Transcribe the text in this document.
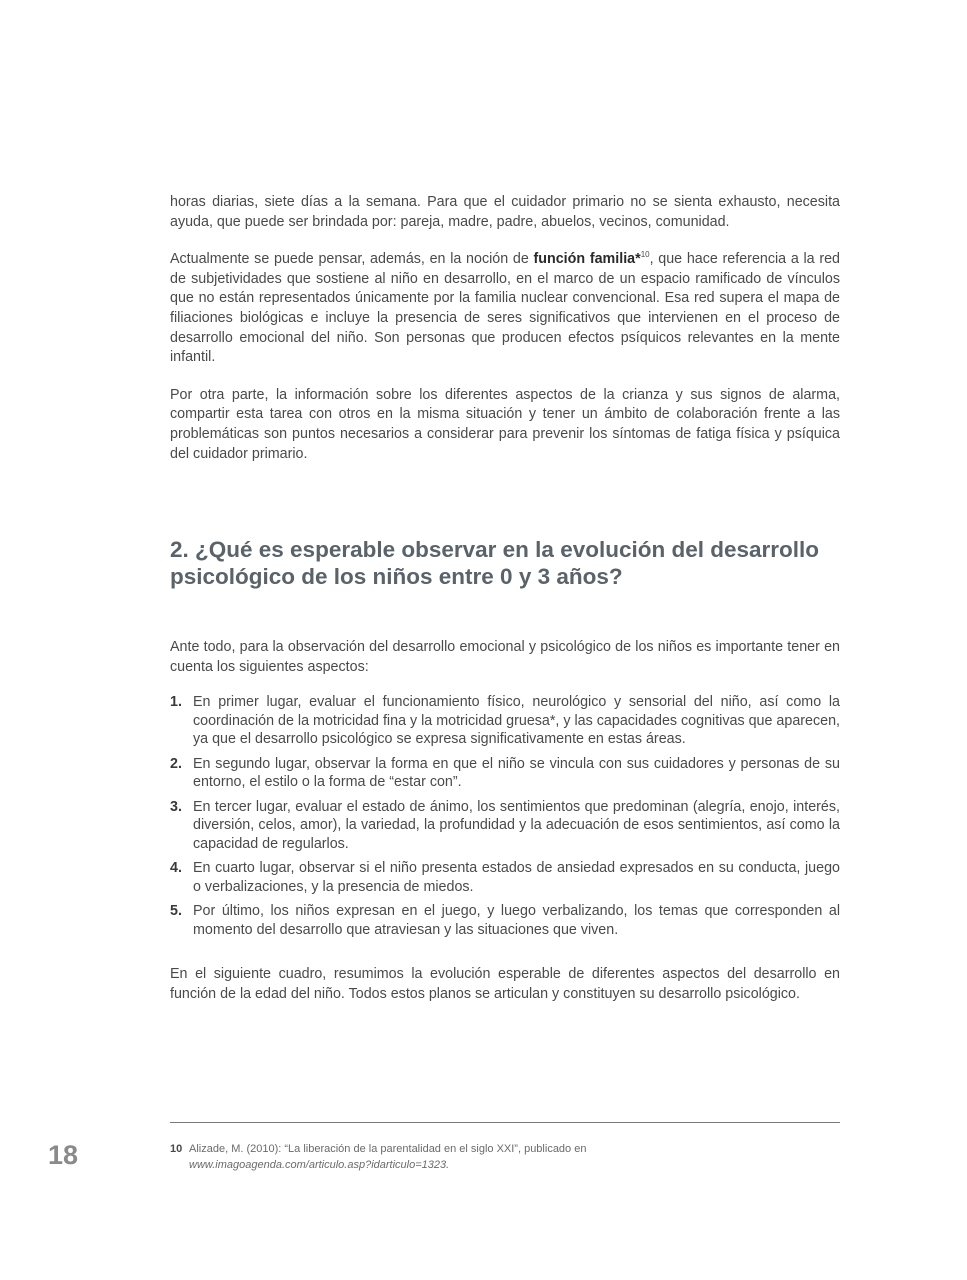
horas diarias, siete días a la semana. Para que el cuidador primario no se sienta exhausto, necesita ayuda, que puede ser brindada por: pareja, madre, padre, abuelos, vecinos, comunidad.

Actualmente se puede pensar, además, en la noción de función familia*$^{10}$, que hace referencia a la red de subjetividades que sostiene al niño en desarrollo, en el marco de un espacio ramificado de vínculos que no están representados únicamente por la familia nuclear convencional. Esa red supera el mapa de filiaciones biológicas e incluye la presencia de seres significativos que intervienen en el proceso de desarrollo emocional del niño. Son personas que producen efectos psíquicos relevantes en la mente infantil.

Por otra parte, la información sobre los diferentes aspectos de la crianza y sus signos de alarma, compartir esta tarea con otros en la misma situación y tener un ámbito de colaboración frente a las problemáticas son puntos necesarios a considerar para prevenir los síntomas de fatiga física y psíquica del cuidador primario.

2. ¿Qué es esperable observar en la evolución del desarrollo psicológico de los niños entre 0 y 3 años?

Ante todo, para la observación del desarrollo emocional y psicológico de los niños es importante tener en cuenta los siguientes aspectos:

1. En primer lugar, evaluar el funcionamiento físico, neurológico y sensorial del niño, así como la coordinación de la motricidad fina y la motricidad gruesa*, y las capacidades cognitivas que aparecen, ya que el desarrollo psicológico se expresa significativamente en estas áreas.
2. En segundo lugar, observar la forma en que el niño se vincula con sus cuidadores y personas de su entorno, el estilo o la forma de “estar con”.
3. En tercer lugar, evaluar el estado de ánimo, los sentimientos que predominan (alegría, enojo, interés, diversión, celos, amor), la variedad, la profundidad y la adecuación de esos sentimientos, así como la capacidad de regularlos.
4. En cuarto lugar, observar si el niño presenta estados de ansiedad expresados en su conducta, juego o verbalizaciones, y la presencia de miedos.
5. Por último, los niños expresan en el juego, y luego verbalizando, los temas que corresponden al momento del desarrollo que atraviesan y las situaciones que viven.

En el siguiente cuadro, resumimos la evolución esperable de diferentes aspectos del desarrollo en función de la edad del niño. Todos estos planos se articulan y constituyen su desarrollo psicológico.

10 Alizade, M. (2010): “La liberación de la parentalidad en el siglo XXI”, publicado en
www.imagoagenda.com/articulo.asp?idarticulo=1323.
18
